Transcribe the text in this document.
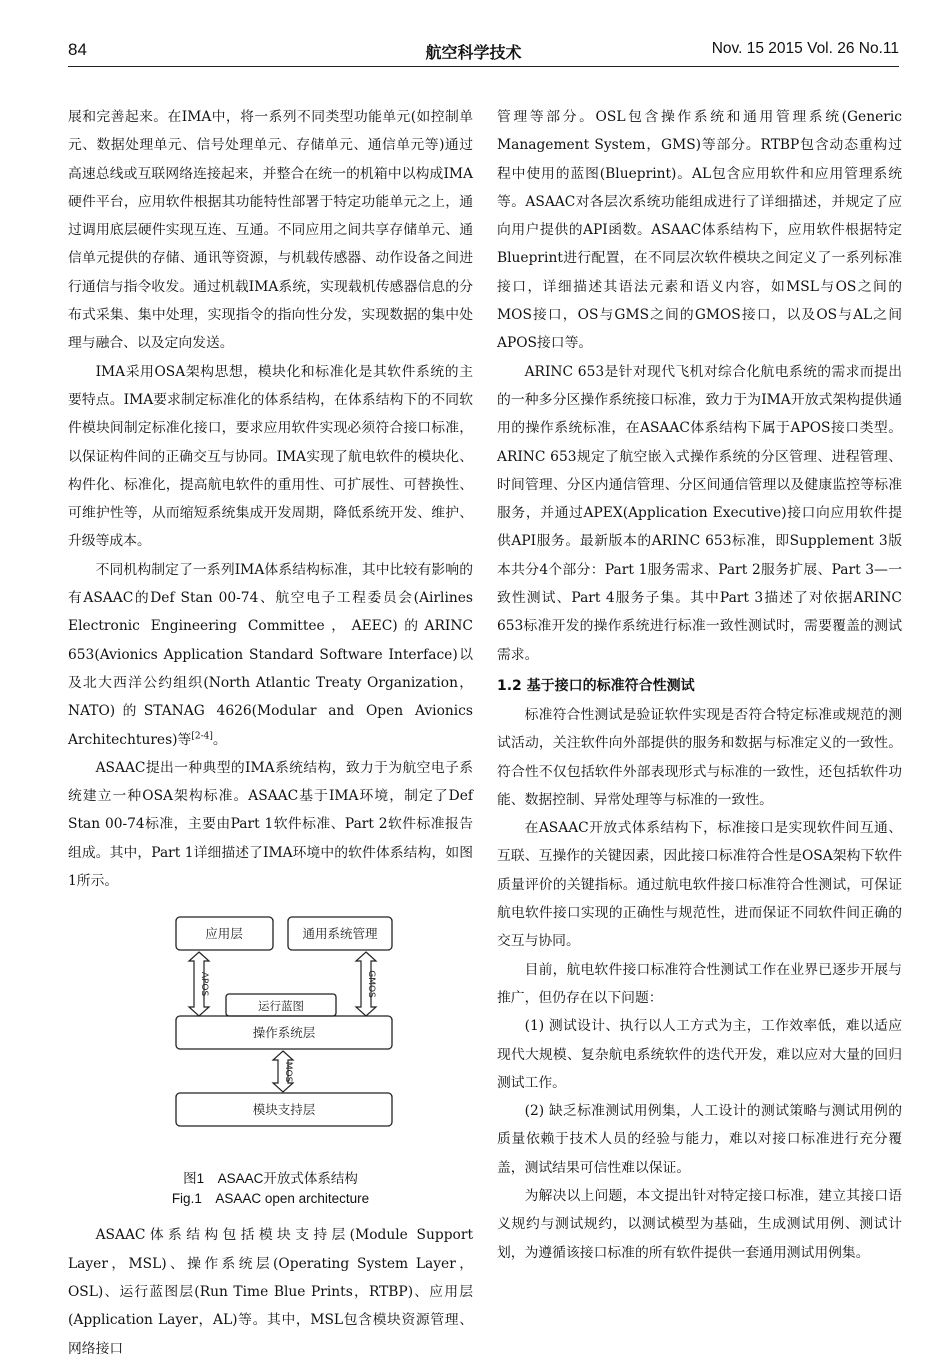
84	航空科学技术	Nov. 15 2015 Vol. 26 No.11

展和完善起来。在IMA中，将一系列不同类型功能单元(如控制单元、数据处理单元、信号处理单元、存储单元、通信单元等)通过高速总线或互联网络连接起来，并整合在统一的机箱中以构成IMA硬件平台，应用软件根据其功能特性部署于特定功能单元之上，通过调用底层硬件实现互连、互通。不同应用之间共享存储单元、通信单元提供的存储、通讯等资源，与机载传感器、动作设备之间进行通信与指令收发。通过机载IMA系统，实现载机传感器信息的分布式采集、集中处理，实现指令的指向性分发，实现数据的集中处理与融合、以及定向发送。

IMA采用OSA架构思想，模块化和标准化是其软件系统的主要特点。IMA要求制定标准化的体系结构，在体系结构下的不同软件模块间制定标准化接口，要求应用软件实现必须符合接口标准，以保证构件间的正确交互与协同。IMA实现了航电软件的模块化、构件化、标准化，提高航电软件的重用性、可扩展性、可替换性、可维护性等，从而缩短系统集成开发周期，降低系统开发、维护、升级等成本。

不同机构制定了一系列IMA体系结构标准，其中比较有影响的有ASAAC的Def Stan 00-74、航空电子工程委员会(Airlines Electronic Engineering Committee，AEEC)的ARINC 653(Avionics Application Standard Software Interface)以及北大西洋公约组织(North Atlantic Treaty Organization，NATO)的STANAG 4626(Modular and Open Avionics Architechtures)等[2-4]。

ASAAC提出一种典型的IMA系统结构，致力于为航空电子系统建立一种OSA架构标准。ASAAC基于IMA环境，制定了Def Stan 00-74标准，主要由Part 1软件标准、Part 2软件标准报告组成。其中，Part 1详细描述了IMA环境中的软件体系结构，如图1所示。

应用层	通用系统管理
运行蓝图
操作系统层
模块支持层
APOS	GMOS
MOS
图1　ASAAC开放式体系结构
Fig.1　ASAAC open architecture

ASAAC体系结构包括模块支持层(Module Support Layer，MSL)、操作系统层(Operating System Layer，OSL)、运行蓝图层(Run Time Blue Prints，RTBP)、应用层(Application Layer，AL)等。其中，MSL包含模块资源管理、网络接口

管理等部分。OSL包含操作系统和通用管理系统(Generic Management System，GMS)等部分。RTBP包含动态重构过程中使用的蓝图(Blueprint)。AL包含应用软件和应用管理系统等。ASAAC对各层次系统功能组成进行了详细描述，并规定了应向用户提供的API函数。ASAAC体系结构下，应用软件根据特定Blueprint进行配置，在不同层次软件模块之间定义了一系列标准接口，详细描述其语法元素和语义内容，如MSL与OS之间的MOS接口，OS与GMS之间的GMOS接口，以及OS与AL之间APOS接口等。

ARINC 653是针对现代飞机对综合化航电系统的需求而提出的一种多分区操作系统接口标准，致力于为IMA开放式架构提供通用的操作系统标准，在ASAAC体系结构下属于APOS接口类型。ARINC 653规定了航空嵌入式操作系统的分区管理、进程管理、时间管理、分区内通信管理、分区间通信管理以及健康监控等标准服务，并通过APEX(Application Executive)接口向应用软件提供API服务。最新版本的ARINC 653标准，即Supplement 3版本共分4个部分：Part 1服务需求、Part 2服务扩展、Part 3—一致性测试、Part 4服务子集。其中Part 3描述了对依据ARINC 653标准开发的操作系统进行标准一致性测试时，需要覆盖的测试需求。

1.2 基于接口的标准符合性测试

标准符合性测试是验证软件实现是否符合特定标准或规范的测试活动，关注软件向外部提供的服务和数据与标准定义的一致性。符合性不仅包括软件外部表现形式与标准的一致性，还包括软件功能、数据控制、异常处理等与标准的一致性。

在ASAAC开放式体系结构下，标准接口是实现软件间互通、互联、互操作的关键因素，因此接口标准符合性是OSA架构下软件质量评价的关键指标。通过航电软件接口标准符合性测试，可保证航电软件接口实现的正确性与规范性，进而保证不同软件间正确的交互与协同。

目前，航电软件接口标准符合性测试工作在业界已逐步开展与推广，但仍存在以下问题：

(1) 测试设计、执行以人工方式为主，工作效率低，难以适应现代大规模、复杂航电系统软件的迭代开发，难以应对大量的回归测试工作。

(2) 缺乏标准测试用例集，人工设计的测试策略与测试用例的质量依赖于技术人员的经验与能力，难以对接口标准进行充分覆盖，测试结果可信性难以保证。

为解决以上问题，本文提出针对特定接口标准，建立其接口语义规约与测试规约，以测试模型为基础，生成测试用例、测试计划，为遵循该接口标准的所有软件提供一套通用测试用例集。
